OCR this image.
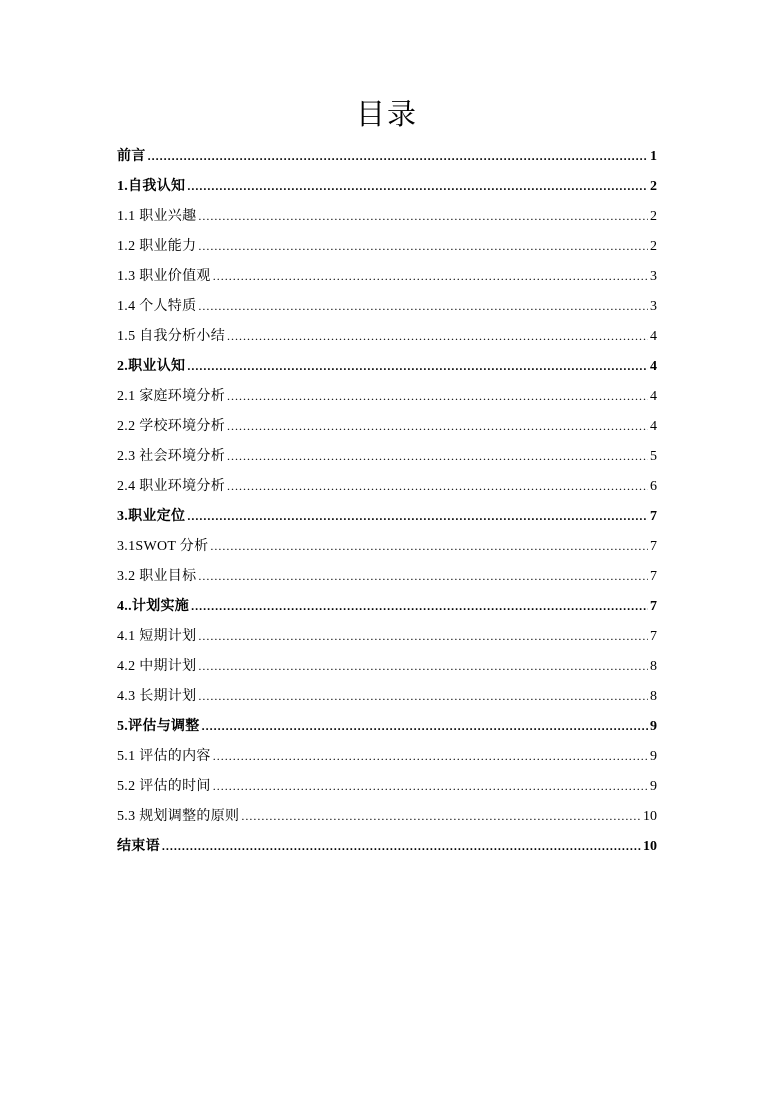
目录
前言 .....	1
1.自我认知 .....	2
1.1 职业兴趣 .....	2
1.2 职业能力 .....	2
1.3 职业价值观 .....	3
1.4 个人特质 .....	3
1.5 自我分析小结 .....	4
2.职业认知 .....	4
2.1 家庭环境分析 .....	4
2.2 学校环境分析 .....	4
2.3 社会环境分析 .....	5
2.4 职业环境分析 .....	6
3.职业定位 .....	7
3.1SWOT 分析 .....	7
3.2 职业目标 .....	7
4..计划实施 .....	7
4.1 短期计划 .....	7
4.2 中期计划 .....	8
4.3 长期计划 .....	8
5.评估与调整 .....	9
5.1 评估的内容 .....	9
5.2 评估的时间 .....	9
5.3 规划调整的原则 .....	10
结束语 .....	10
